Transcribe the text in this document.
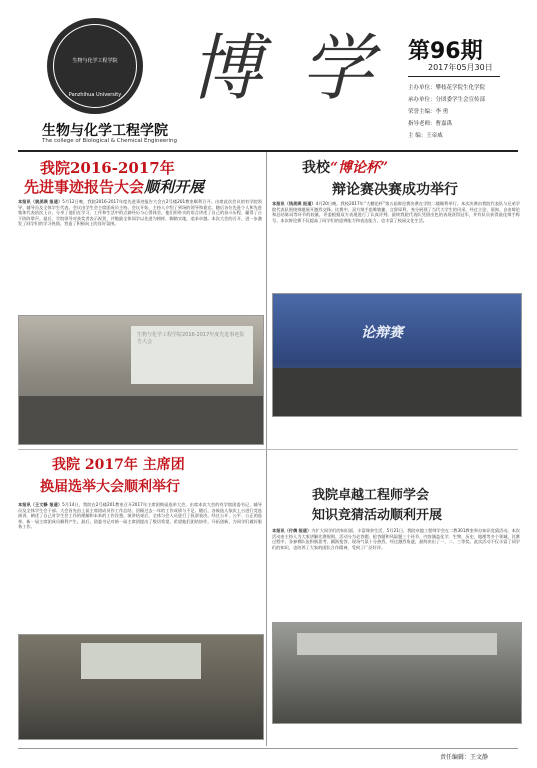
生物与化学工程学院
Panzhihua University 博 学
生物与化学工程学院
The college of Biological & Chemical Engineering
第96期
2017年05月30日
主办单位：攀枝花学院生化学院
承办单位：分团委学生会宣传部
荣誉主编：李 勇
指导老师：曹嘉禹
主 编：王帝威
我院2016-2017年
先进事迹报告大会顺利开展
本报讯（姚美瑛 报道）5月12日晚，我院2016-2017年度先进事迹报告大会在2号楼201教室顺利召开。出席此次会议的有学院领导、辅导员及全体学生代表。会议由学生会主席团成员主持。会议开始，主持人介绍了到场的领导和嘉宾，随后各位先进个人和先进集体代表依次上台，分享了他们在学习、工作和生活中的点滴经历与心得体会。他们用朴实的语言讲述了自己的奋斗历程，赢得了台下阵阵掌声。最后，学院领导对获奖者表示祝贺，并勉励全体同学以先进为榜样，脚踏实地，追求卓越。本次大会的召开，进一步激发了同学们的学习热情，营造了积极向上的良好氛围。
生物与化学工程学院2016-2017年度先进事迹报告大会
我校“博论杯”
辩论赛决赛成功举行
本报讯（钱美瑛 报道）4月20日晚，我校2017年“大棚论杯”第五届辩论赛决赛在学院二楼顺利举行。本次决赛由我院代表队与兄弟学院代表队围绕辩题展开激烈交锋。比赛中，双方辩手思维敏捷、言辞犀利，充分展现了当代大学生的风采。经过立论、质询、自由辩论和总结陈词等环节的较量，评委根据双方表现进行了认真评判。最终我院代表队凭借出色的表现获得冠军，并有队员获得最佳辩手称号。本次辩论赛不仅提高了同学们的思辨能力和表达能力，也丰富了校园文化生活。
论辩赛
我院 2017年 主席团
换届选举大会顺利举行
本报讯（王文静 报道）5月14日，我院在2号楼201教室召开2017年主席团换届选举大会。出席本次大会的有学院团委书记、辅导员及全体学生会干部。大会首先由上届主席团成员作工作总结，回顾过去一年的工作成绩与不足。随后，各候选人依次上台进行竞选演讲，阐述了自己对学生会工作的理解和未来的工作设想。演讲结束后，全体与会人员进行了投票表决。经过公开、公平、公正的选举，新一届主席团成员顺利产生。最后，团委书记对新一届主席团提出了殷切希望，希望他们团结协作，开拓创新，为同学们做好服务工作。
我院卓越工程师学会
知识竞猜活动顺利开展
本报讯（付倩 报道）为扩大同学们的知识面，丰富课余生活，5月21日，我院卓越工程师学会在二教301教室举办知识竞猜活动。本次活动由主持人为大家讲解比赛规则。活动分为必答题、抢答题和风险题三个环节，内容涵盖化学、生物、历史、地理等多个领域。比赛过程中，各参赛队伍积极思考、踊跃抢答，现场气氛十分热烈。经过激烈角逐，最终决出了一、二、三等奖。此次活动不仅丰富了同学们的知识，也培养了大家的团队合作精神，受到了广泛好评。
责任编辑：王文静
